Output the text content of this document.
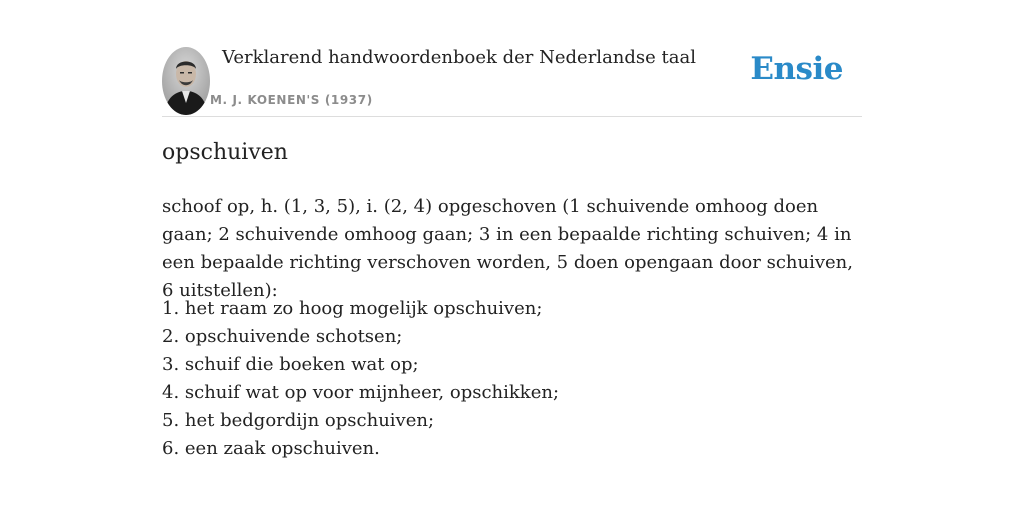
Verklarend handwoordenboek der Nederlandse taal
M. J. KOENEN'S (1937)
Ensie
opschuiven

schoof op, h. (1, 3, 5), i. (2, 4) opgeschoven (1 schuivende omhoog doen gaan; 2 schuivende omhoog gaan; 3 in een bepaalde richting schuiven; 4 in een bepaalde richting verschoven worden, 5 doen opengaan door schuiven, 6 uitstellen):

1. het raam zo hoog mogelijk opschuiven;
2. opschuivende schotsen;
3. schuif die boeken wat op;
4. schuif wat op voor mijnheer, opschikken;
5. het bedgordijn opschuiven;
6. een zaak opschuiven.
